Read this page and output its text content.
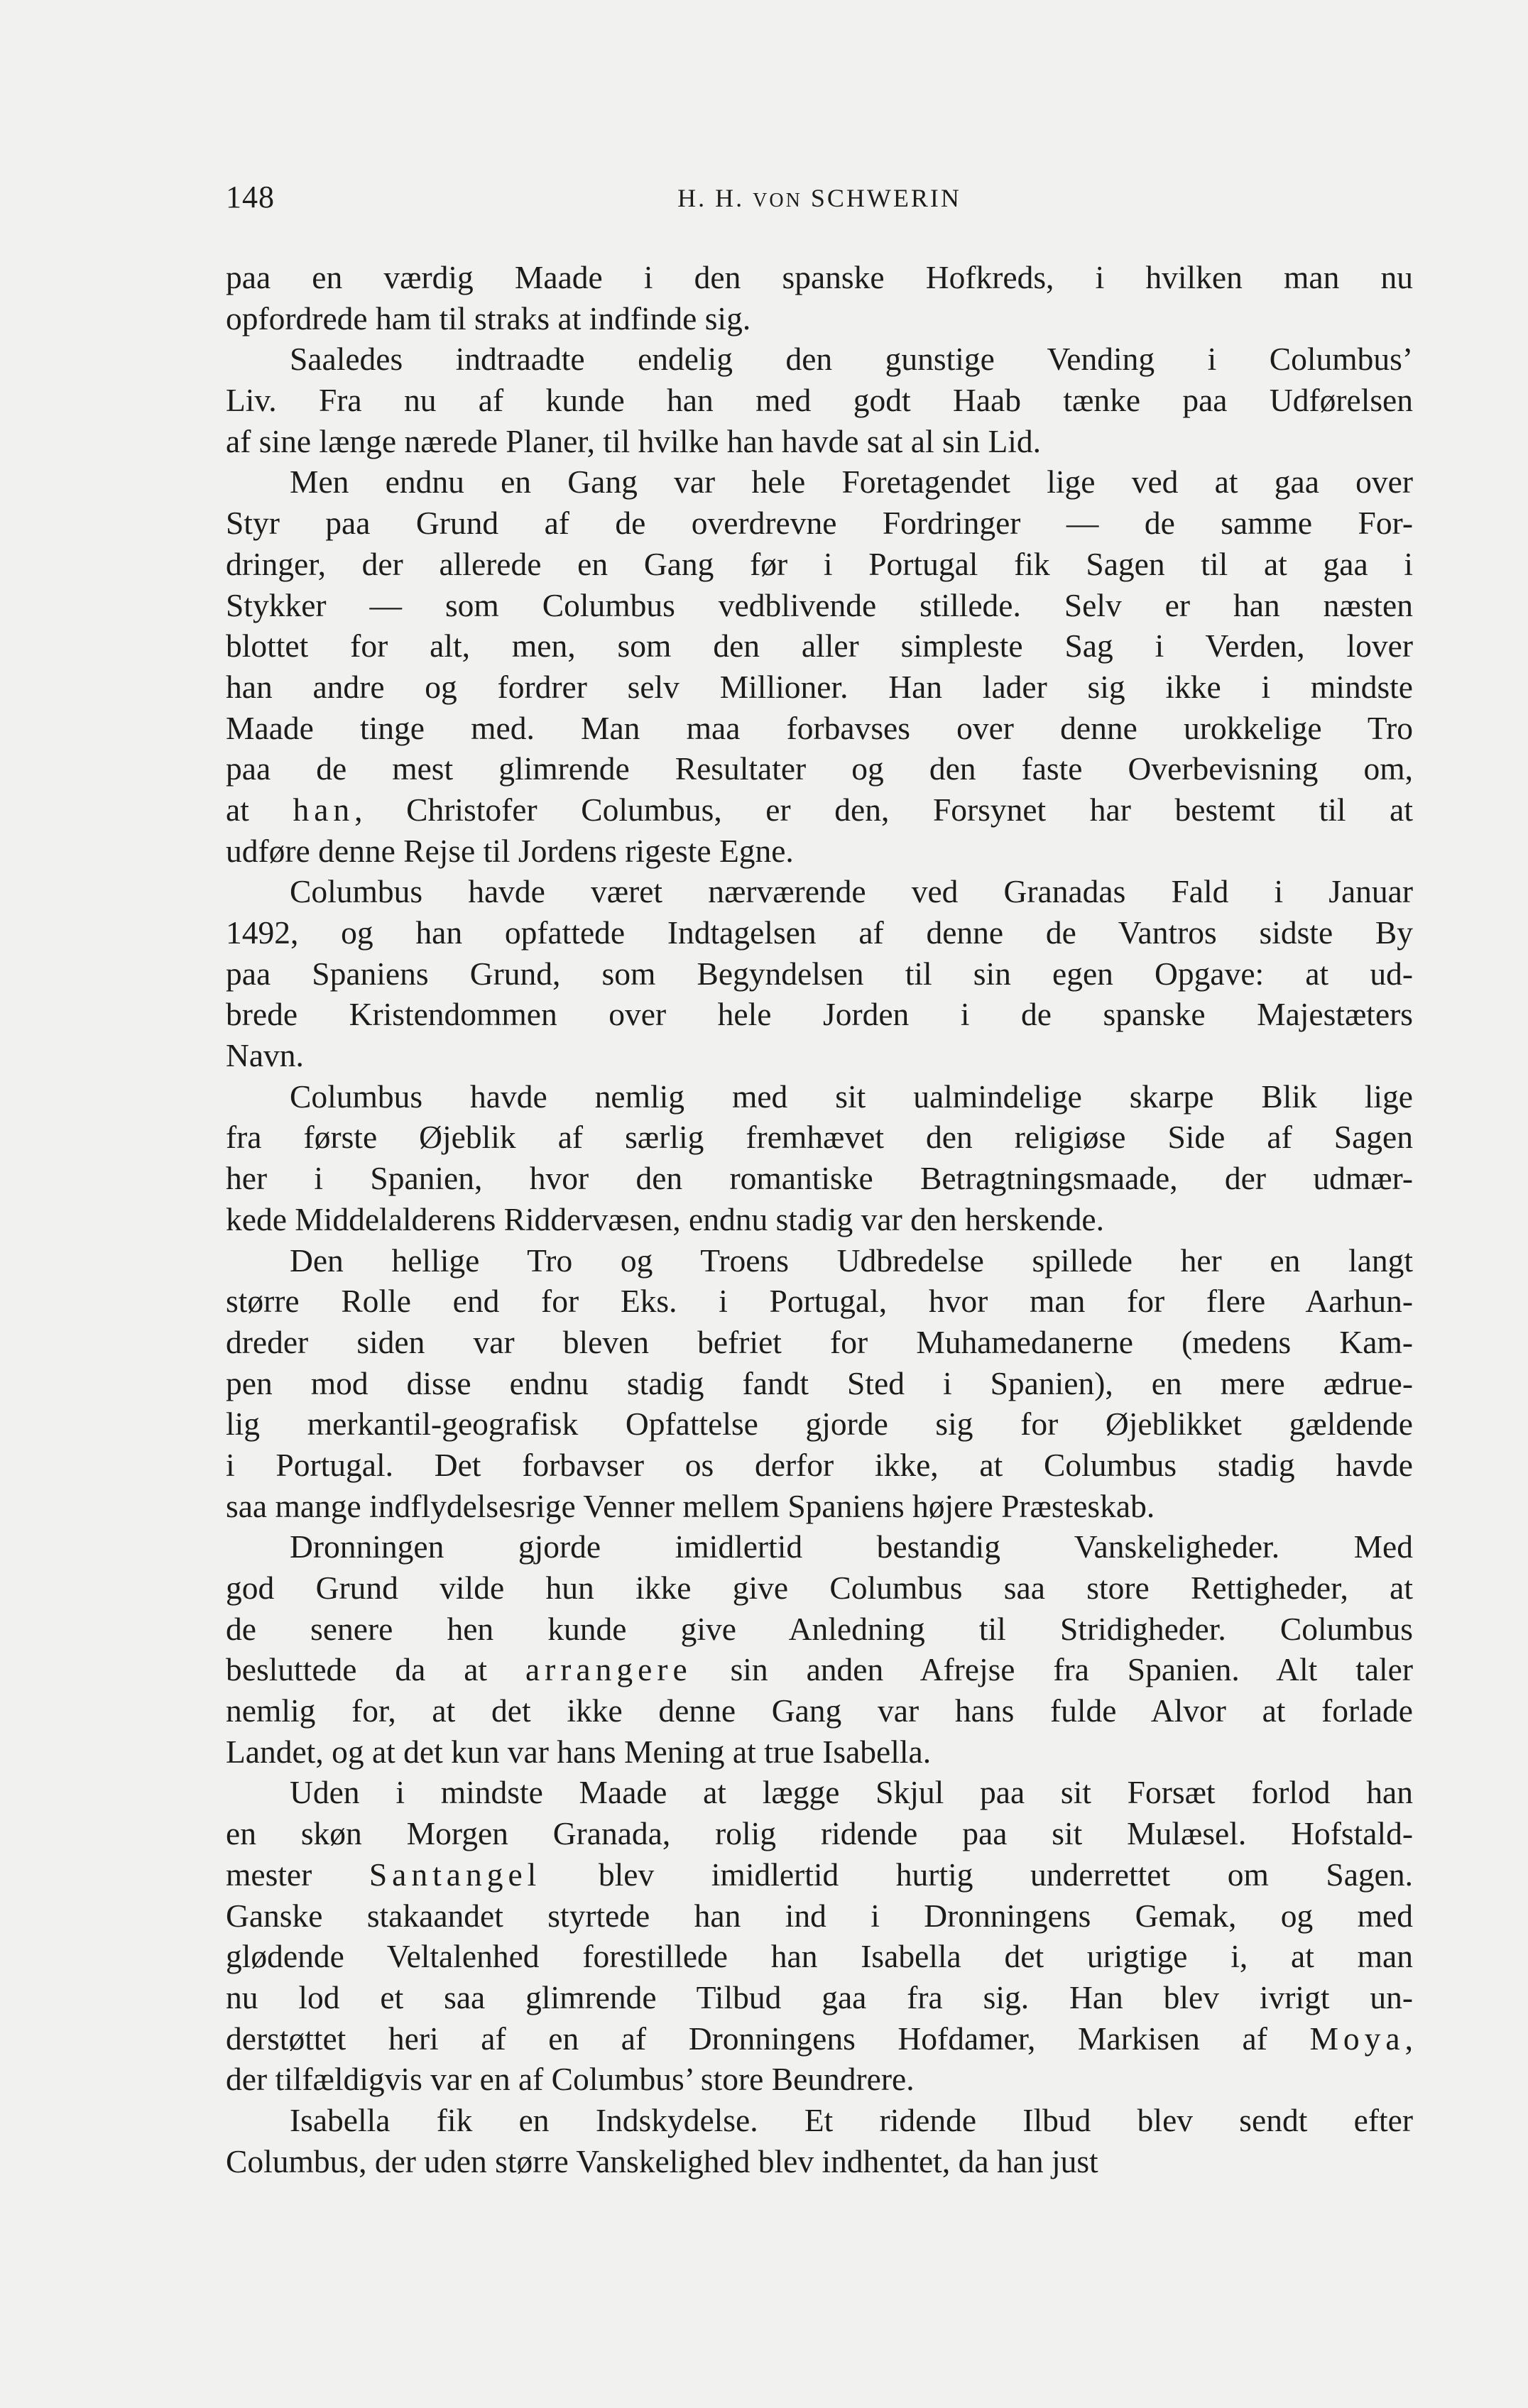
148	H. H. VON SCHWERIN
paa en værdig Maade i den spanske Hofkreds, i hvilken man nu
opfordrede ham til straks at indfinde sig.
Saaledes indtraadte endelig den gunstige Vending i Columbus’
Liv. Fra nu af kunde han med godt Haab tænke paa Udførelsen
af sine længe nærede Planer, til hvilke han havde sat al sin Lid.
Men endnu en Gang var hele Foretagendet lige ved at gaa over
Styr paa Grund af de overdrevne Fordringer — de samme For-
dringer, der allerede en Gang før i Portugal fik Sagen til at gaa i
Stykker — som Columbus vedblivende stillede. Selv er han næsten
blottet for alt, men, som den aller simpleste Sag i Verden, lover
han andre og fordrer selv Millioner. Han lader sig ikke i mindste
Maade tinge med. Man maa forbavses over denne urokkelige Tro
paa de mest glimrende Resultater og den faste Overbevisning om,
at han, Christofer Columbus, er den, Forsynet har bestemt til at
udføre denne Rejse til Jordens rigeste Egne.
Columbus havde været nærværende ved Granadas Fald i Januar
1492, og han opfattede Indtagelsen af denne de Vantros sidste By
paa Spaniens Grund, som Begyndelsen til sin egen Opgave: at ud-
brede Kristendommen over hele Jorden i de spanske Majestæters
Navn.
Columbus havde nemlig med sit ualmindelige skarpe Blik lige
fra første Øjeblik af særlig fremhævet den religiøse Side af Sagen
her i Spanien, hvor den romantiske Betragtningsmaade, der udmær-
kede Middelalderens Riddervæsen, endnu stadig var den herskende.
Den hellige Tro og Troens Udbredelse spillede her en langt
større Rolle end for Eks. i Portugal, hvor man for flere Aarhun-
dreder siden var bleven befriet for Muhamedanerne (medens Kam-
pen mod disse endnu stadig fandt Sted i Spanien), en mere ædrue-
lig merkantil-geografisk Opfattelse gjorde sig for Øjeblikket gældende
i Portugal. Det forbavser os derfor ikke, at Columbus stadig havde
saa mange indflydelsesrige Venner mellem Spaniens højere Præsteskab.
Dronningen gjorde imidlertid bestandig Vanskeligheder. Med
god Grund vilde hun ikke give Columbus saa store Rettigheder, at
de senere hen kunde give Anledning til Stridigheder. Columbus
besluttede da at arrangere sin anden Afrejse fra Spanien. Alt taler
nemlig for, at det ikke denne Gang var hans fulde Alvor at forlade
Landet, og at det kun var hans Mening at true Isabella.
Uden i mindste Maade at lægge Skjul paa sit Forsæt forlod han
en skøn Morgen Granada, rolig ridende paa sit Mulæsel. Hofstald-
mester Santangel blev imidlertid hurtig underrettet om Sagen.
Ganske stakaandet styrtede han ind i Dronningens Gemak, og med
glødende Veltalenhed forestillede han Isabella det urigtige i, at man
nu lod et saa glimrende Tilbud gaa fra sig. Han blev ivrigt un-
derstøttet heri af en af Dronningens Hofdamer, Markisen af Moya,
der tilfældigvis var en af Columbus’ store Beundrere.
Isabella fik en Indskydelse. Et ridende Ilbud blev sendt efter
Columbus, der uden større Vanskelighed blev indhentet, da han just
